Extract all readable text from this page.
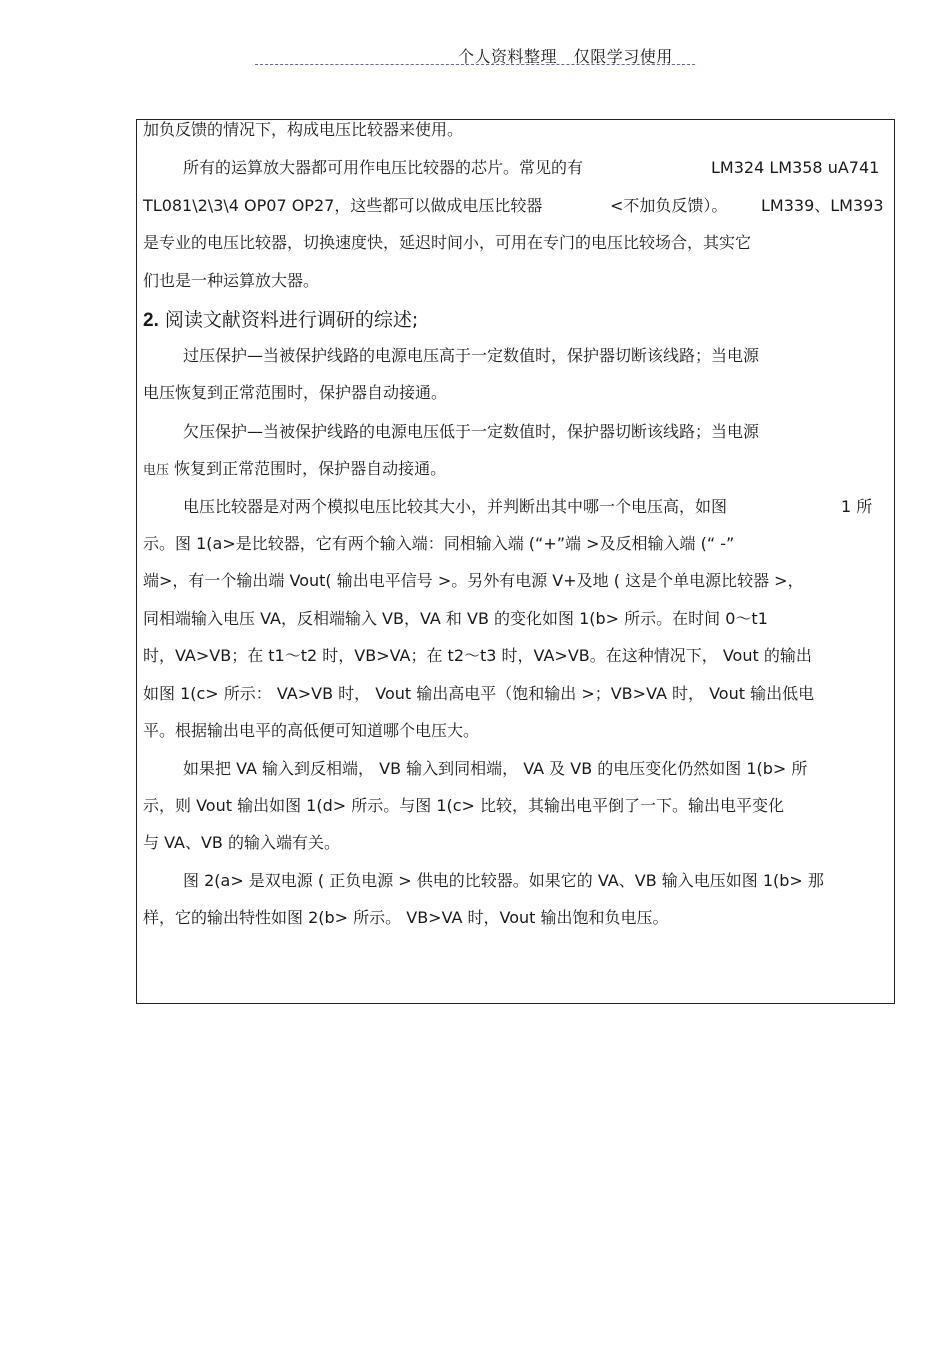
个人资料整理   仅限学习使用
加负反馈的情况下，构成电压比较器来使用。
所有的运算放大器都可用作电压比较器的芯片。常见的有	LM324 LM358 uA741
TL081\2\3\4 OP07 OP27，这些都可以做成电压比较器	<不加负反馈）。 LM339、LM393
是专业的电压比较器，切换速度快，延迟时间小，可用在专门的电压比较场合，其实它
们也是一种运算放大器。
2. 阅读文献资料进行调研的综述;
过压保护—当被保护线路的电源电压高于一定数值时，保护器切断该线路；当电源
电压恢复到正常范围时，保护器自动接通。
欠压保护—当被保护线路的电源电压低于一定数值时，保护器切断该线路；当电源
电压 恢复到正常范围时，保护器自动接通。
电压比较器是对两个模拟电压比较其大小，并判断出其中哪一个电压高，如图	1 所
示。图 1(a>是比较器，它有两个输入端：同相输入端 (“+”端 >及反相输入端 (“ -”
端>，有一个输出端 Vout( 输出电平信号 >。另外有电源 V+及地 ( 这是个单电源比较器 >，
同相端输入电压 VA，反相端输入 VB，VA 和 VB 的变化如图 1(b> 所示。在时间 0～t1
时，VA>VB；在 t1～t2 时，VB>VA；在 t2～t3 时，VA>VB。在这种情况下， Vout 的输出
如图 1(c> 所示： VA>VB 时， Vout 输出高电平（饱和输出 >；VB>VA 时， Vout 输出低电
平。根据输出电平的高低便可知道哪个电压大。
如果把 VA 输入到反相端， VB 输入到同相端， VA 及 VB 的电压变化仍然如图 1(b> 所
示，则 Vout 输出如图 1(d> 所示。与图 1(c> 比较，其输出电平倒了一下。输出电平变化
与 VA、VB 的输入端有关。
图 2(a> 是双电源 ( 正负电源 > 供电的比较器。如果它的 VA、VB 输入电压如图 1(b> 那
样，它的输出特性如图 2(b> 所示。 VB>VA 时，Vout 输出饱和负电压。
